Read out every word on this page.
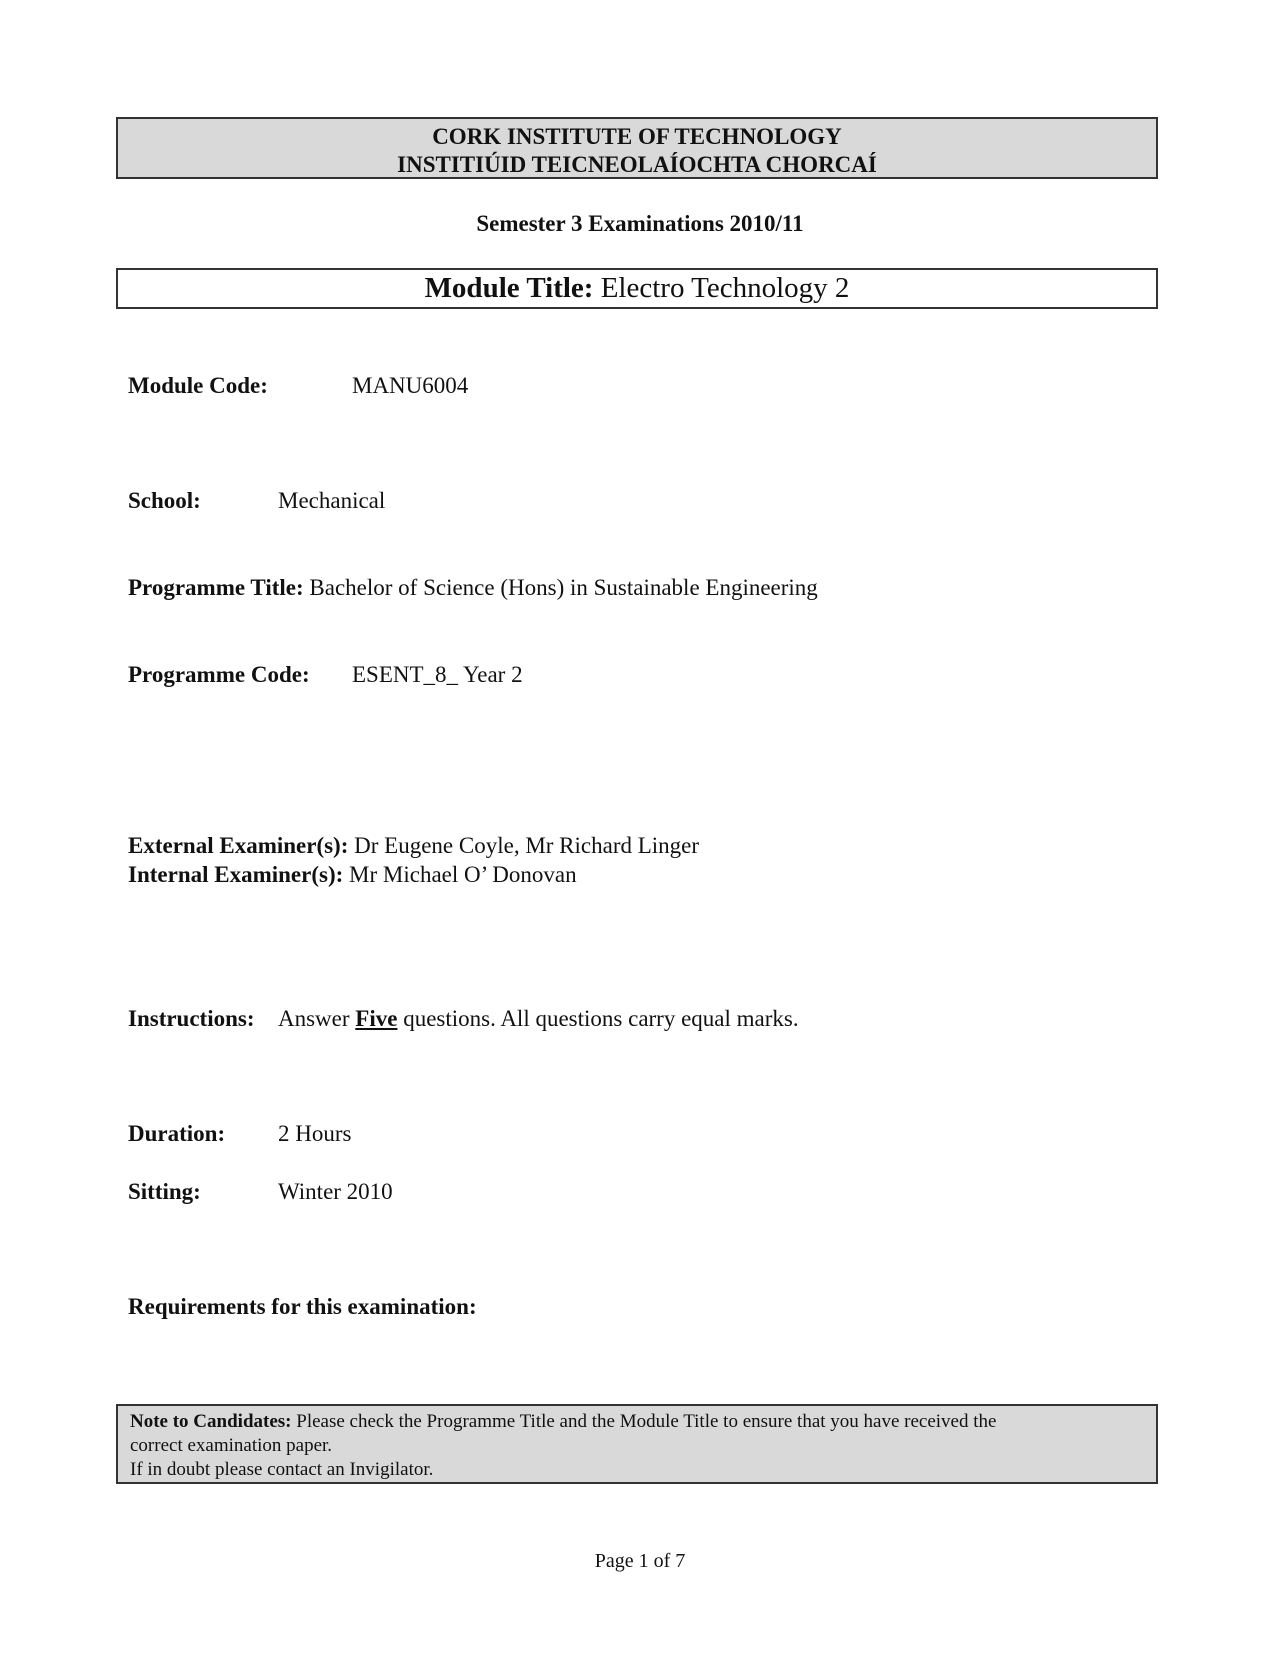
CORK INSTITUTE OF TECHNOLOGY
INSTITIÚID TEICNEOLAÍOCHTA CHORCAÍ
Semester 3 Examinations 2010/11
Module Title: Electro Technology 2
Module Code:	MANU6004
School:	Mechanical
Programme Title: Bachelor of Science (Hons) in Sustainable Engineering
Programme Code: ESENT_8_ Year 2
External Examiner(s): Dr Eugene Coyle, Mr Richard Linger
Internal Examiner(s): Mr Michael O’ Donovan
Instructions: Answer Five questions. All questions carry equal marks.
Duration: 2 Hours
Sitting:	Winter 2010
Requirements for this examination:
Note to Candidates: Please check the Programme Title and the Module Title to ensure that you have received the
correct examination paper.
If in doubt please contact an Invigilator.
Page 1 of 7
